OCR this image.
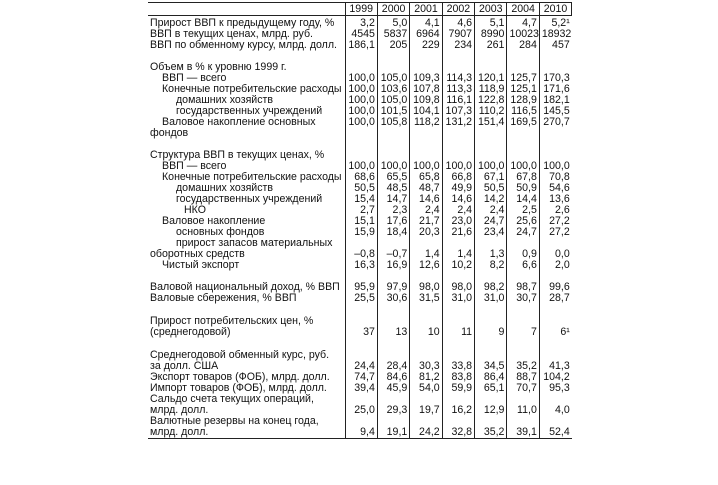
	1999	2000	2001	2002	2003	2004	2010
Прирост ВВП к предыдущему году, %	3,2	5,0	4,1	4,6	5,1	4,7	5,2¹
ВВП в текущих ценах, млрд. руб.	4545	5837	6964	7907	8990	10023	18932
ВВП по обменному курсу, млрд. долл.	186,1	205	229	234	261	284	457

Объем в % к уровню 1999 г.							
ВВП — всего	100,0	105,0	109,3	114,3	120,1	125,7	170,3
Конечные потребительские расходы	100,0	103,6	107,8	113,3	118,9	125,1	171,6
домашних хозяйств	100,0	105,0	109,8	116,1	122,8	128,9	182,1
государственных учреждений	100,0	101,5	104,1	107,3	110,2	116,5	145,5
Валовое накопление основных	100,0	105,8	118,2	131,2	151,4	169,5	270,7
фондов							

Структура ВВП в текущих ценах, %							
ВВП — всего	100,0	100,0	100,0	100,0	100,0	100,0	100,0
Конечные потребительские расходы	68,6	65,5	65,8	66,8	67,1	67,8	70,8
домашних хозяйств	50,5	48,5	48,7	49,9	50,5	50,9	54,6
государственных учреждений	15,4	14,7	14,6	14,6	14,2	14,4	13,6
НКО	2,7	2,3	2,4	2,4	2,4	2,5	2,6
Валовое накопление	15,1	17,6	21,7	23,0	24,7	25,6	27,2
основных фондов	15,9	18,4	20,3	21,6	23,4	24,7	27,2
прирост запасов материальных							
оборотных средств	–0,8	–0,7	1,4	1,4	1,3	0,9	0,0
Чистый экспорт	16,3	16,9	12,6	10,2	8,2	6,6	2,0

Валовой национальный доход, % ВВП	95,9	97,9	98,0	98,0	98,2	98,7	99,6
Валовые сбережения, % ВВП	25,5	30,6	31,5	31,0	31,0	30,7	28,7

Прирост потребительских цен, %							
(среднегодовой)	37	13	10	11	9	7	6¹

Среднегодовой обменный курс, руб.							
за долл. США	24,4	28,4	30,3	33,8	34,5	35,2	41,3
Экспорт товаров (ФОБ), млрд. долл.	74,7	84,6	81,2	83,8	86,4	88,7	104,2
Импорт товаров (ФОБ), млрд. долл.	39,4	45,9	54,0	59,9	65,1	70,7	95,3
Сальдо счета текущих операций,							
млрд. долл.	25,0	29,3	19,7	16,2	12,9	11,0	4,0
Валютные резервы на конец года,							
млрд. долл.	9,4	19,1	24,2	32,8	35,2	39,1	52,4
